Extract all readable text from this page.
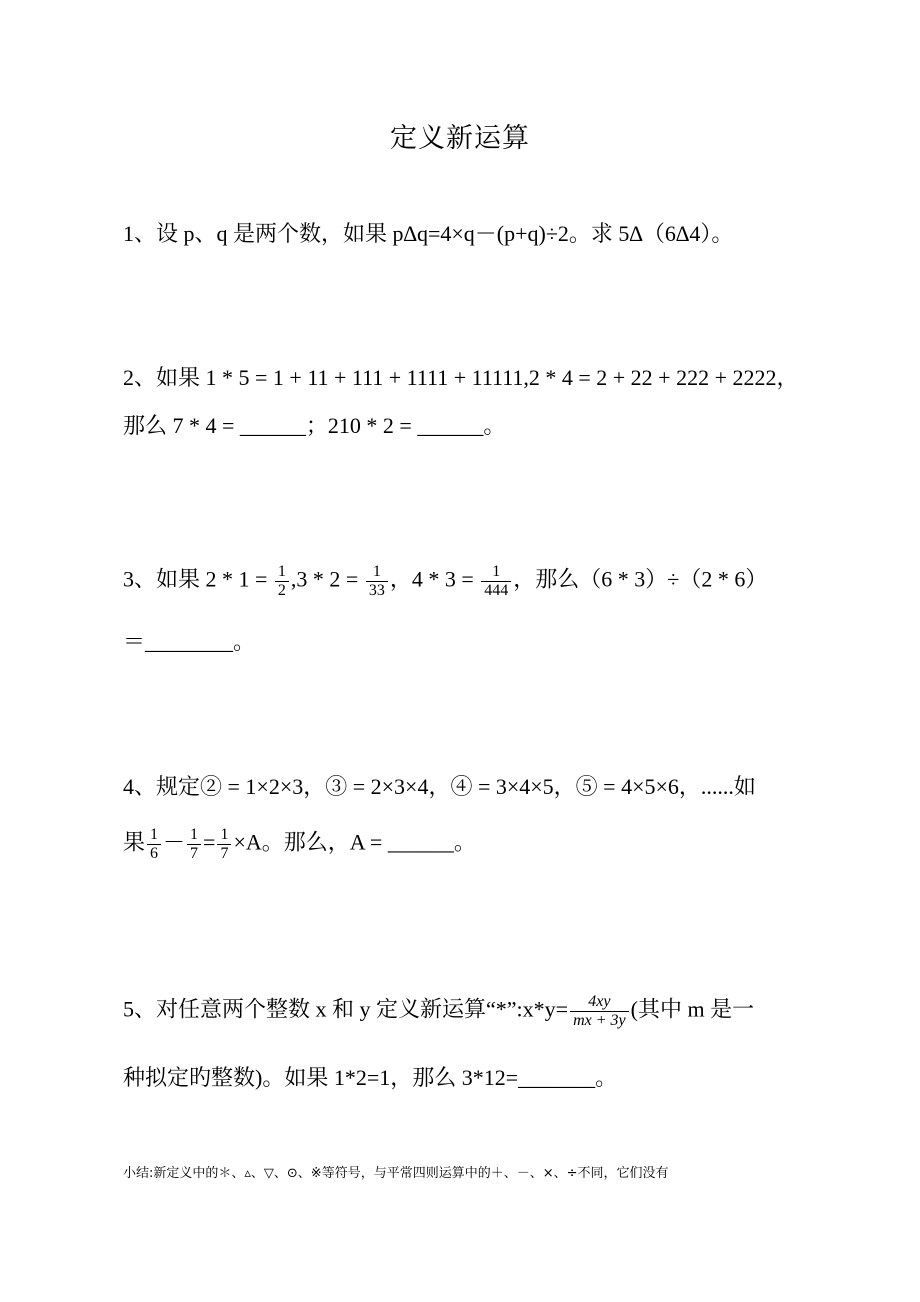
定义新运算
1、设 p、q 是两个数，如果 p∆q=4×q－(p+q)÷2。求 5∆（6∆4）。
2、如果 1 * 5 = 1 + 11 + 111 + 1111 + 11111,2 * 4 = 2 + 22 + 222 + 2222，
那么 7 * 4 = ______；210 * 2 = ______。
3、如果 $2 * 1 = \frac{1}{2} ,3 * 2 = \frac{1}{33}$ ，$4 * 3 = \frac{1}{444}$ ，那么（6 * 3）÷（2 * 6）
＝________。
4、规定② = 1×2×3，③ = 2×3×4，④ = 3×4×5，⑤ = 4×5×6，......如
果 $\frac{1}{6} - \frac{1}{7} = \frac{1}{7} \times A$。那么，A = ______。
5、对任意两个整数 x 和 y 定义新运算“*”:x*y= $\frac{4xy}{mx + 3y}$ (其中 m 是一
种拟定旳整数)。如果 1*2=1，那么 3*12=_______。
小结:新定义中的＊、▵、▽、⊙、※等符号，与平常四则运算中的＋、－、×、÷不同，它们没有
